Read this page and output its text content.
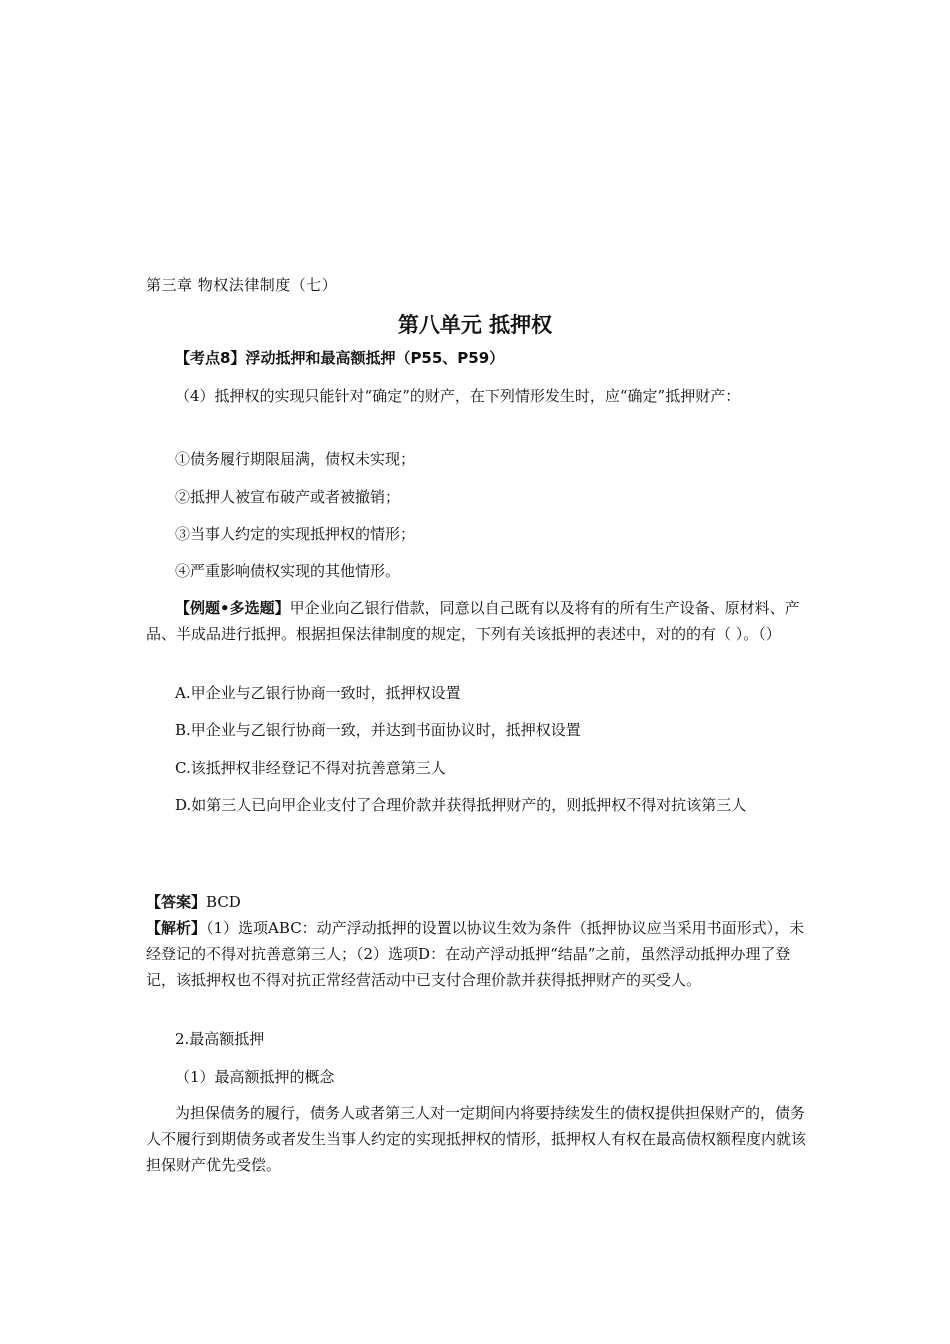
第三章 物权法律制度（七）
第八单元 抵押权
【考点8】浮动抵押和最高额抵押（P55、P59）
（4）抵押权的实现只能针对“确定”的财产，在下列情形发生时，应“确定”抵押财产：
①债务履行期限届满，债权未实现；
②抵押人被宣布破产或者被撤销；
③当事人约定的实现抵押权的情形；
④严重影响债权实现的其他情形。
【例题•多选题】甲企业向乙银行借款，同意以自己既有以及将有的所有生产设备、原材料、产品、半成品进行抵押。根据担保法律制度的规定，下列有关该抵押的表述中，对的的有（ ）。（）
A.甲企业与乙银行协商一致时，抵押权设置
B.甲企业与乙银行协商一致，并达到书面协议时，抵押权设置
C.该抵押权非经登记不得对抗善意第三人
D.如第三人已向甲企业支付了合理价款并获得抵押财产的，则抵押权不得对抗该第三人
【答案】BCD
【解析】（1）选项ABC：动产浮动抵押的设置以协议生效为条件（抵押协议应当采用书面形式），未经登记的不得对抗善意第三人；（2）选项D：在动产浮动抵押“结晶”之前，虽然浮动抵押办理了登记，该抵押权也不得对抗正常经营活动中已支付合理价款并获得抵押财产的买受人。
2.最高额抵押
（1）最高额抵押的概念
为担保债务的履行，债务人或者第三人对一定期间内将要持续发生的债权提供担保财产的，债务人不履行到期债务或者发生当事人约定的实现抵押权的情形，抵押权人有权在最高债权额程度内就该担保财产优先受偿。
